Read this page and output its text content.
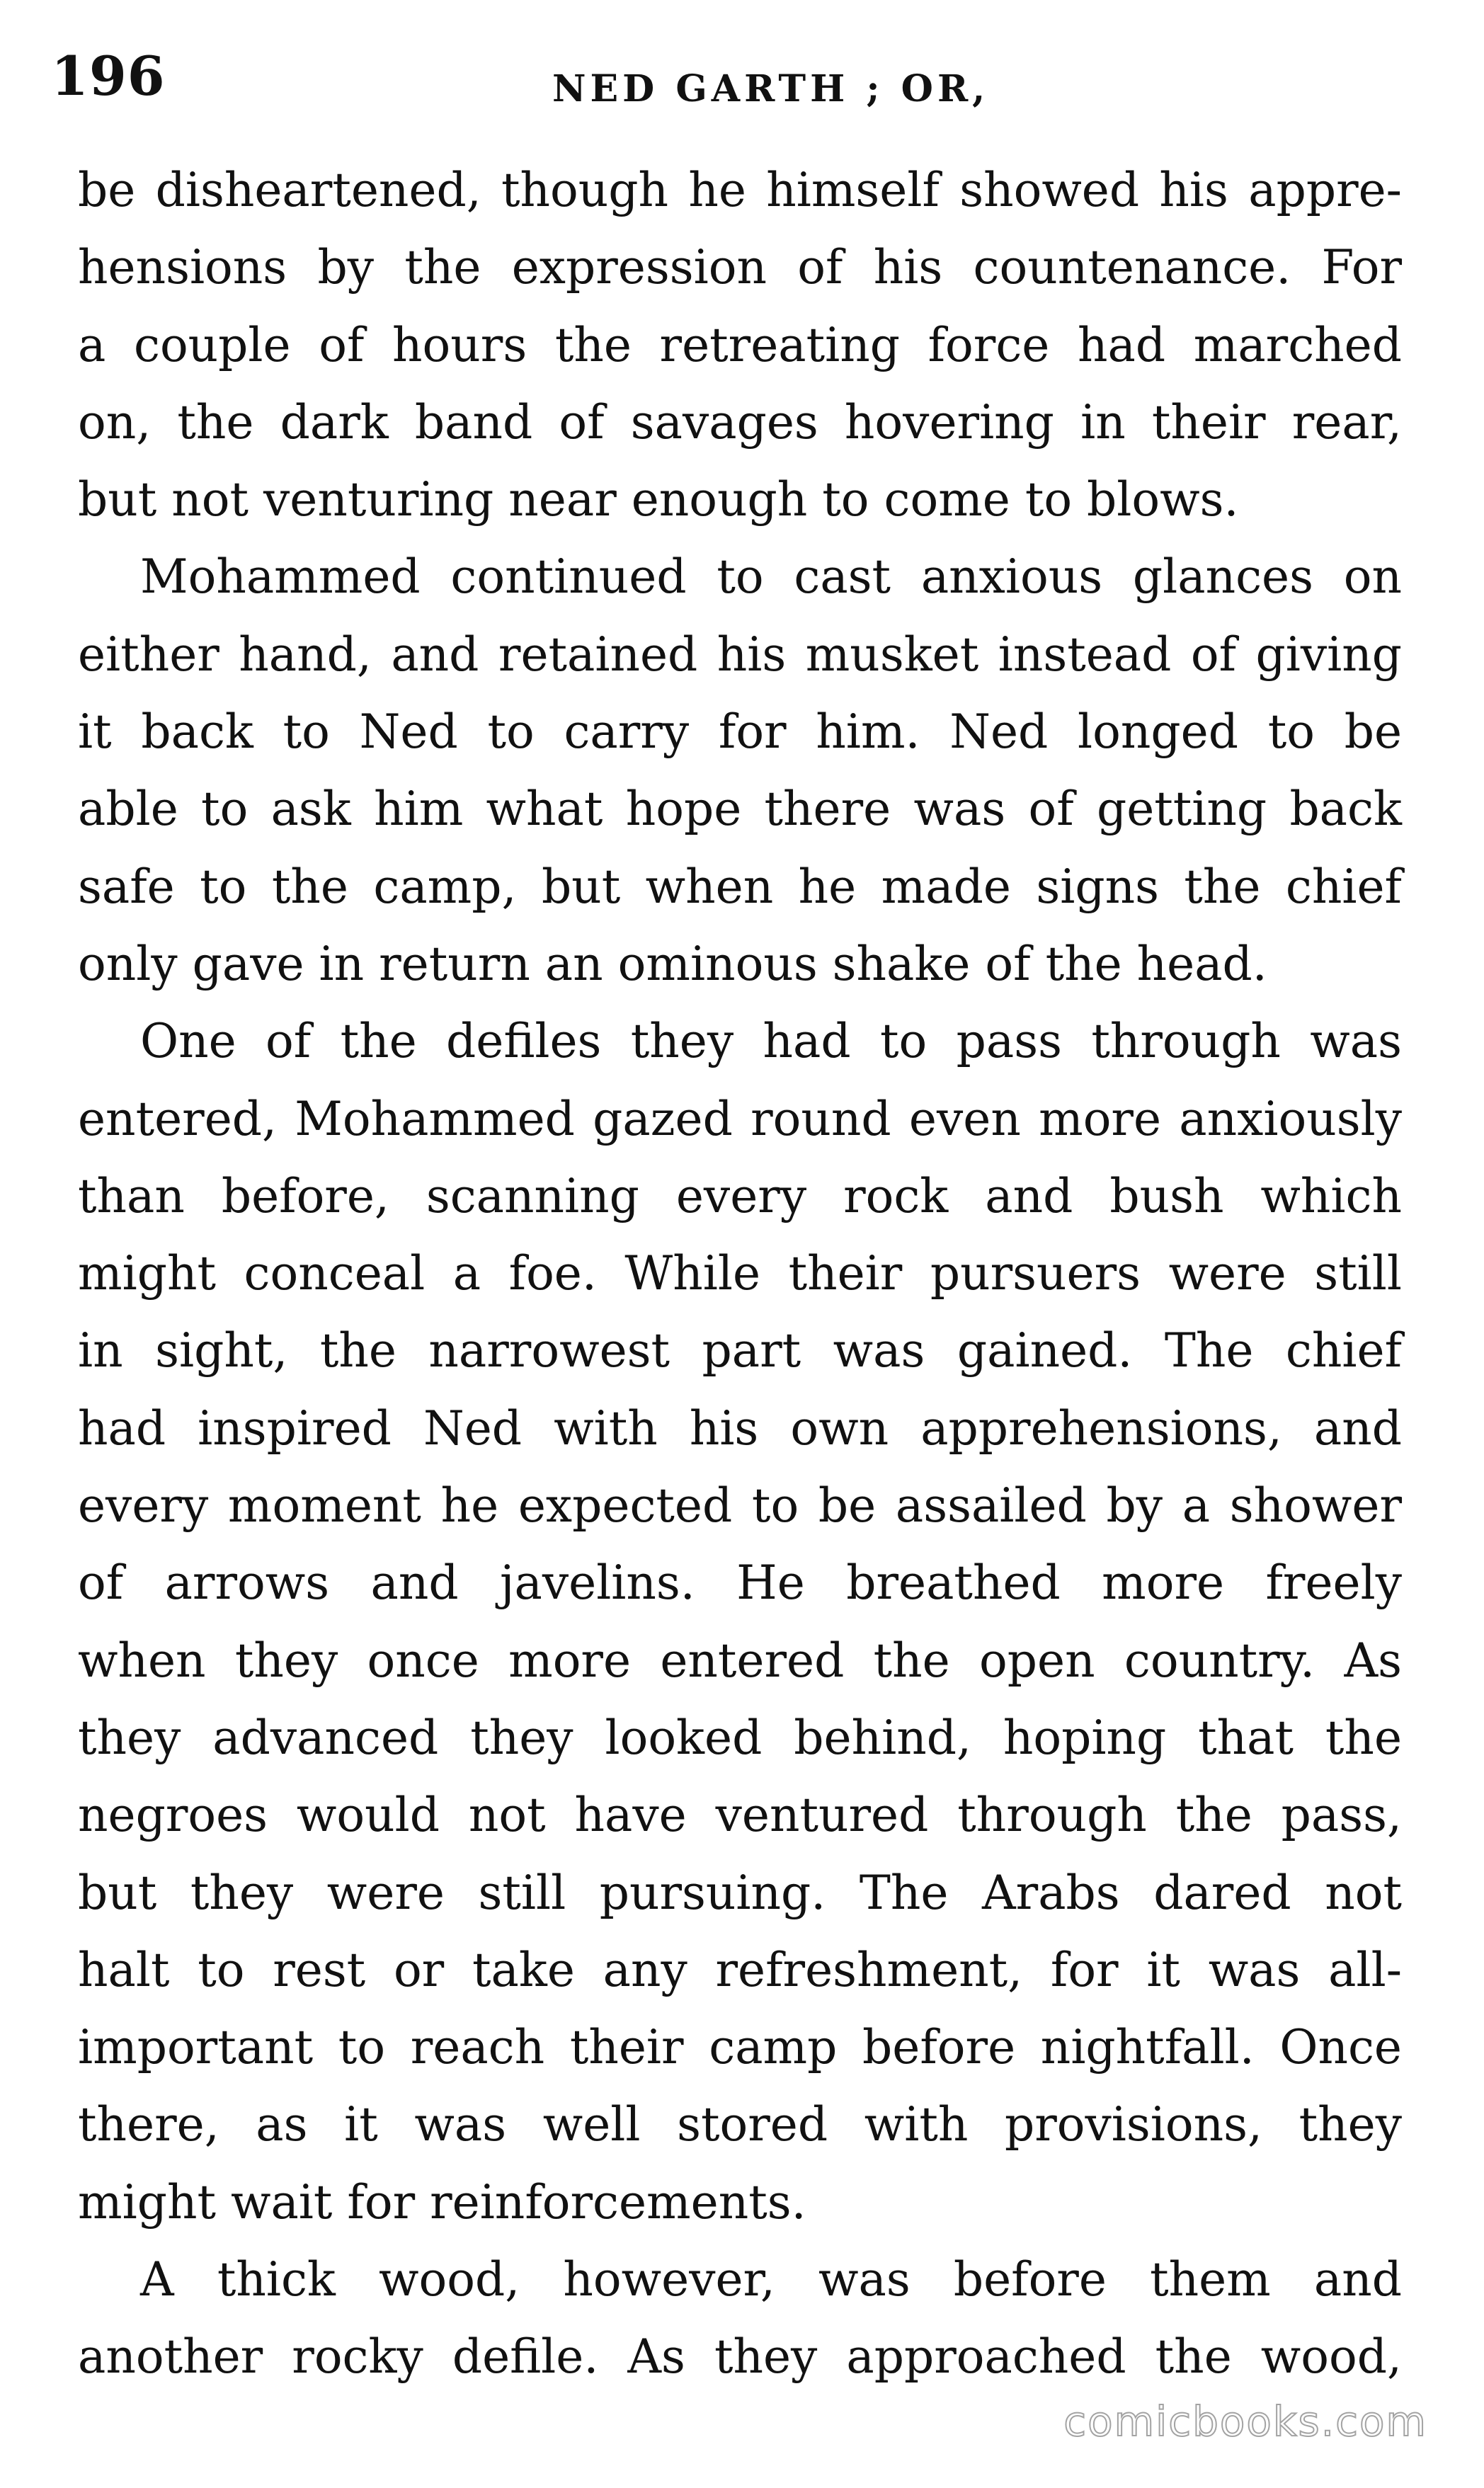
196	NED GARTH ; OR,
be disheartened, though he himself showed his appre-
hensions by the expression of his countenance. For
a couple of hours the retreating force had marched
on, the dark band of savages hovering in their rear,
but not venturing near enough to come to blows.
Mohammed continued to cast anxious glances on
either hand, and retained his musket instead of giving
it back to Ned to carry for him. Ned longed to be
able to ask him what hope there was of getting back
safe to the camp, but when he made signs the chief
only gave in return an ominous shake of the head.
One of the defiles they had to pass through was
entered, Mohammed gazed round even more anxiously
than before, scanning every rock and bush which
might conceal a foe. While their pursuers were still
in sight, the narrowest part was gained. The chief
had inspired Ned with his own apprehensions, and
every moment he expected to be assailed by a shower
of arrows and javelins. He breathed more freely
when they once more entered the open country. As
they advanced they looked behind, hoping that the
negroes would not have ventured through the pass,
but they were still pursuing. The Arabs dared not
halt to rest or take any refreshment, for it was all-
important to reach their camp before nightfall. Once
there, as it was well stored with provisions, they
might wait for reinforcements.
A thick wood, however, was before them and
another rocky defile. As they approached the wood,
comicbooks.com
